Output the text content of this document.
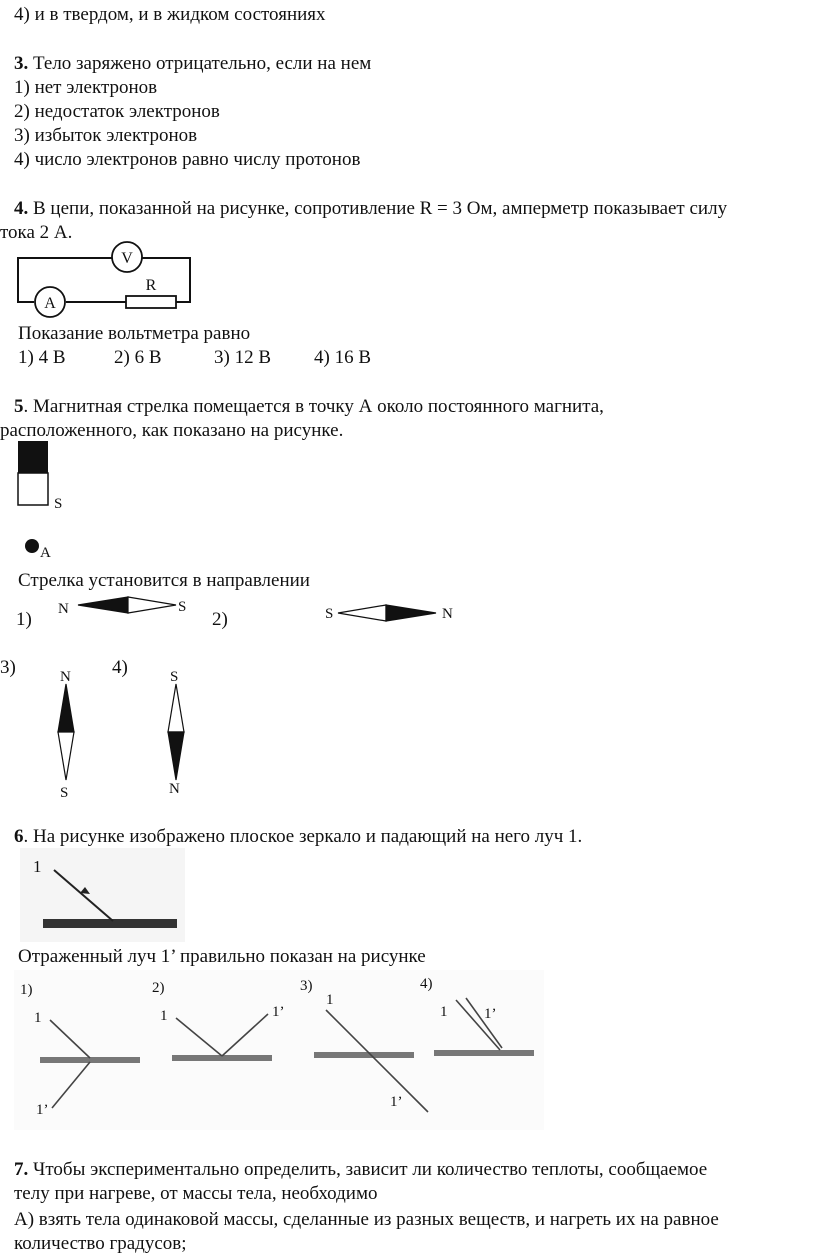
4) и в твердом, и в жидком состояниях
3. Тело заряжено отрицательно, если на нем
1) нет электронов
2) недостаток электронов
3) избыток электронов
4) число электронов равно числу протонов
4. В цепи, показанной на рисунке, сопротивление R = 3 Ом, амперметр показывает силу
тока 2 А.
V
A
R
Показание вольтметра равно
1) 4 В	2) 6 В	3) 12 В 4) 16 В
5. Магнитная стрелка помещается в точку А около постоянного магнита,
расположенного, как показано на рисунке.
S
A
Стрелка установится в направлении
1)	2)
3)	4)
N	S	S	N
N
S
S
N
6. На рисунке изображено плоское зеркало и падающий на него луч 1.
1
Отраженный луч 1’ правильно показан на рисунке
1)	2)	3)	4)
1
1’
1	1’
1
1’
1 1’
7. Чтобы экспериментально определить, зависит ли количество теплоты, сообщаемое
телу при нагреве, от массы тела, необходимо
А) взять тела одинаковой массы, сделанные из разных веществ, и нагреть их на равное
количество градусов;
